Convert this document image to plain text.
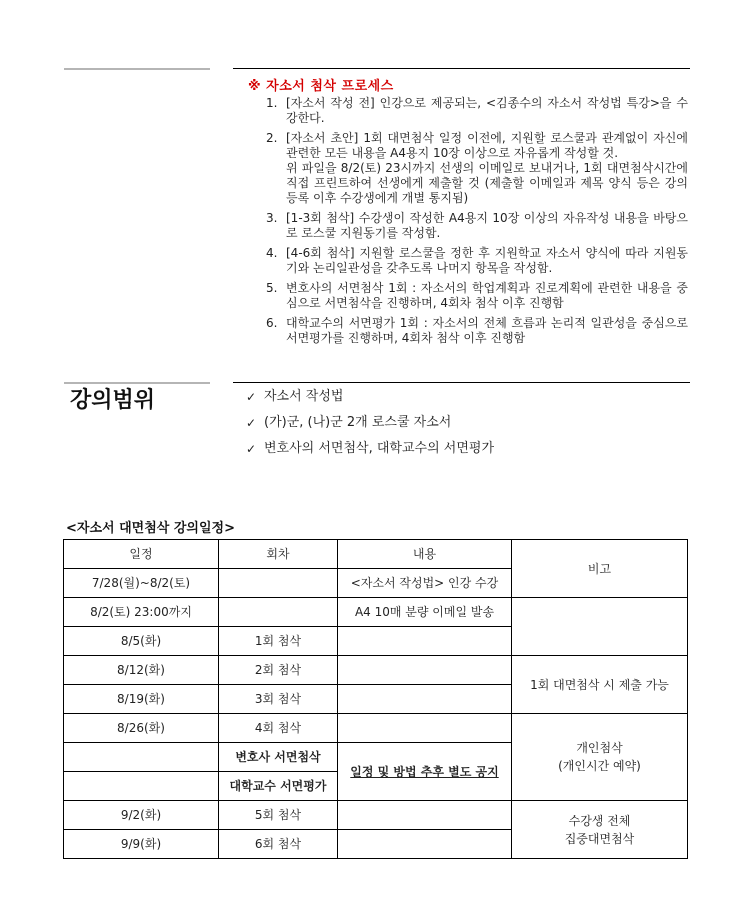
※ 자소서 첨삭 프로세스

1. [자소서 작성 전] 인강으로 제공되는, <김종수의 자소서 작성법 특강>을 수강한다.
2. [자소서 초안] 1회 대면첨삭 일정 이전에, 지원할 로스쿨과 관계없이 자신에 관련한 모든 내용을 A4용지 10장 이상으로 자유롭게 작성할 것.
위 파일을 8/2(토) 23시까지 선생의 이메일로 보내거나, 1회 대면첨삭시간에 직접 프린트하여 선생에게 제출할 것 (제출할 이메일과 제목 양식 등은 강의등록 이후 수강생에게 개별 통지됨)
3. [1-3회 첨삭] 수강생이 작성한 A4용지 10장 이상의 자유작성 내용을 바탕으로 로스쿨 지원동기를 작성함.
4. [4-6회 첨삭] 지원할 로스쿨을 정한 후 지원학교 자소서 양식에 따라 지원동기와 논리일관성을 갖추도록 나머지 항목을 작성함.
5. 변호사의 서면첨삭 1회 : 자소서의 학업계획과 진로계획에 관련한 내용을 중심으로 서면첨삭을 진행하며, 4회차 첨삭 이후 진행함
6. 대학교수의 서면평가 1회 : 자소서의 전체 흐름과 논리적 일관성을 중심으로 서면평가를 진행하며, 4회차 첨삭 이후 진행함
강의범위	✓ 자소서 작성법
✓ (가)군, (나)군 2개 로스쿨 자소서
✓ 변호사의 서면첨삭, 대학교수의 서면평가

<자소서 대면첨삭 강의일정>

일정	회차	내용	비고
7/28(월)~8/2(토)		<자소서 작성법> 인강 수강	
8/2(토) 23:00까지		A4 10매 분량 이메일 발송	
8/5(화)	1회 첨삭		
8/12(화)	2회 첨삭		1회 대면첨삭 시 제출 가능
8/19(화)	3회 첨삭		
8/26(화)	4회 첨삭		개인첨삭
(개인시간 예약)

	변호사 서면첨삭	일정 및 방법 추후 별도 공지	
	대학교수 서면평가		
9/2(화)	5회 첨삭		수강생 전체
집중대면첨삭

9/9(화)	6회 첨삭		
